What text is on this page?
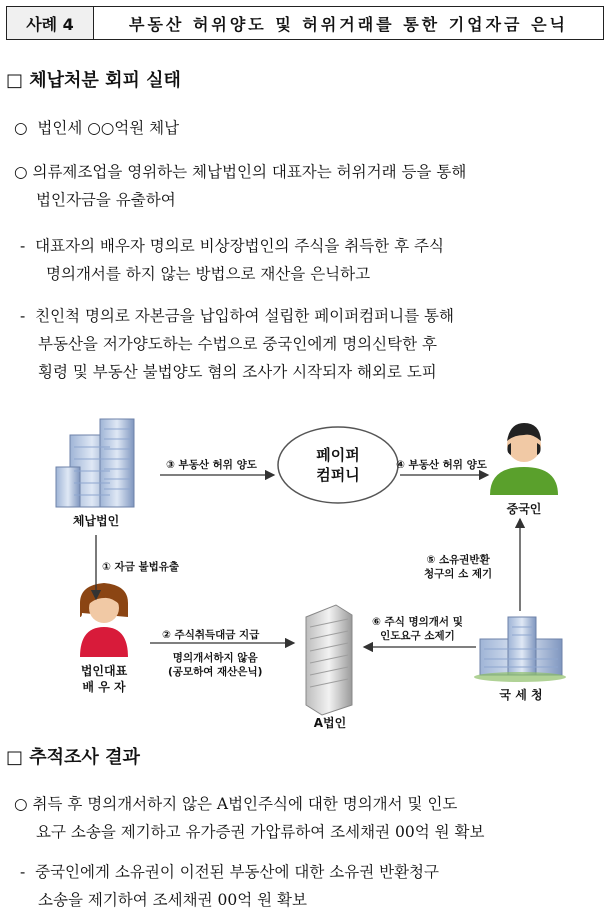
사례 4	부동산 허위양도 및 허위거래를 통한 기업자금 은닉
□ 체납처분 회피 실태
○ 법인세 ○○억원 체납
○ 의류제조업을 영위하는 체납법인의 대표자는 허위거래 등을 통해
법인자금을 유출하여
- 대표자의 배우자 명의로 비상장법인의 주식을 취득한 후 주식
명의개서를 하지 않는 방법으로 재산을 은닉하고
- 친인척 명의로 자본금을 납입하여 설립한 페이퍼컴퍼니를 통해
부동산을 저가양도하는 수법으로 중국인에게 명의신탁한 후
횡령 및 부동산 불법양도 혐의 조사가 시작되자 해외로 도피
체납법인
페이퍼
컴퍼니
중국인
법인대표
배 우 자
A법인
국 세 청
③ 부동산 허위 양도	④ 부동산 허위 양도
① 자금 불법유출
② 주식취득대금 지급
명의개서하지 않음
(공모하여 재산은닉)
⑥ 주식 명의개서 및
인도요구 소제기
⑤ 소유권반환
청구의 소 제기
□ 추적조사 결과
○ 취득 후 명의개서하지 않은 A법인주식에 대한 명의개서 및 인도
요구 소송을 제기하고 유가증권 가압류하여 조세채권 00억 원 확보
- 중국인에게 소유권이 이전된 부동산에 대한 소유권 반환청구
소송을 제기하여 조세채권 00억 원 확보
